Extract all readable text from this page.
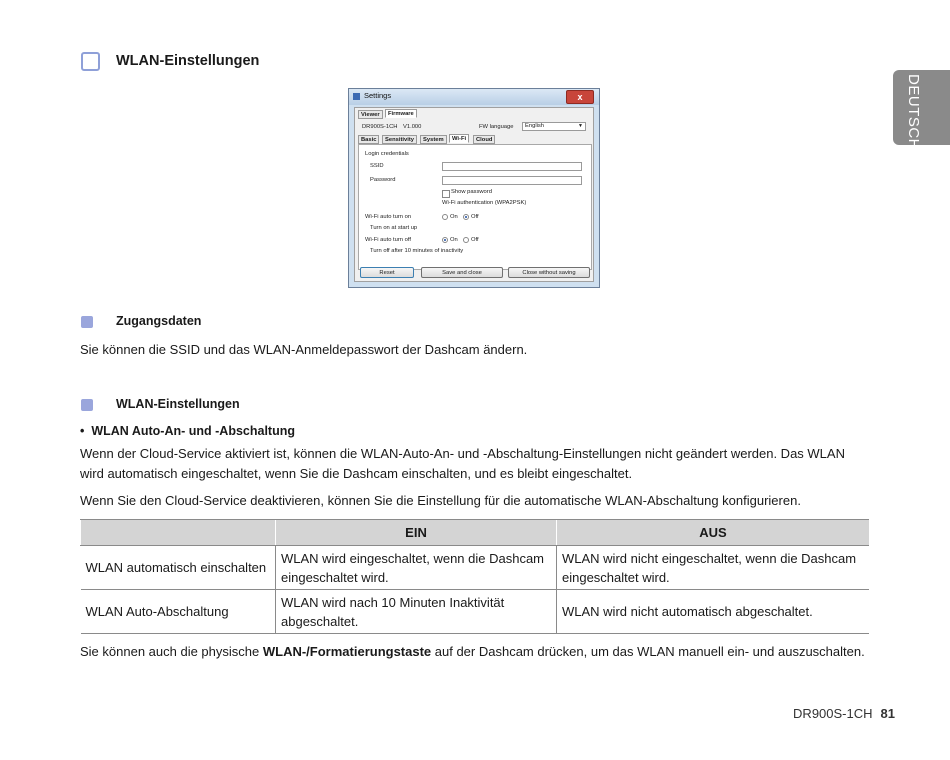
WLAN-Einstellungen
DEUTSCH
Settings	x
Viewer	Firmware
DR900S-1CH V1.000	FW language English	▼
Basic	Sensitivity	System	Wi-Fi	Cloud
Login credentials
SSID
Password
Show password
Wi-Fi authentication (WPA2PSK)
Wi-Fi auto turn on	On Off
Turn on at start up
Wi-Fi auto turn off	On Off
Turn off after 10 minutes of inactivity
Reset	Save and close	Close without saving
Zugangsdaten
Sie können die SSID und das WLAN-Anmeldepasswort der Dashcam ändern.
WLAN-Einstellungen
•  WLAN Auto-An- und -Abschaltung
Wenn der Cloud-Service aktiviert ist, können die WLAN-Auto-An- und -Abschaltung-Einstellungen nicht geändert werden. Das WLAN wird automatisch eingeschaltet, wenn Sie die Dashcam einschalten, und es bleibt eingeschaltet.
Wenn Sie den Cloud-Service deaktivieren, können Sie die Einstellung für die automatische WLAN-Abschaltung konfigurieren.
	EIN	AUS
WLAN automatisch einschalten	WLAN wird eingeschaltet, wenn die Dashcam eingeschaltet wird.	WLAN wird nicht eingeschaltet, wenn die Dashcam eingeschaltet wird.
WLAN Auto-Abschaltung	WLAN wird nach 10 Minuten Inaktivität abgeschaltet.	WLAN wird nicht automatisch abgeschaltet.
Sie können auch die physische WLAN-/Formatierungstaste auf der Dashcam drücken, um das WLAN manuell ein- und auszuschalten.
DR900S-1CH 81
